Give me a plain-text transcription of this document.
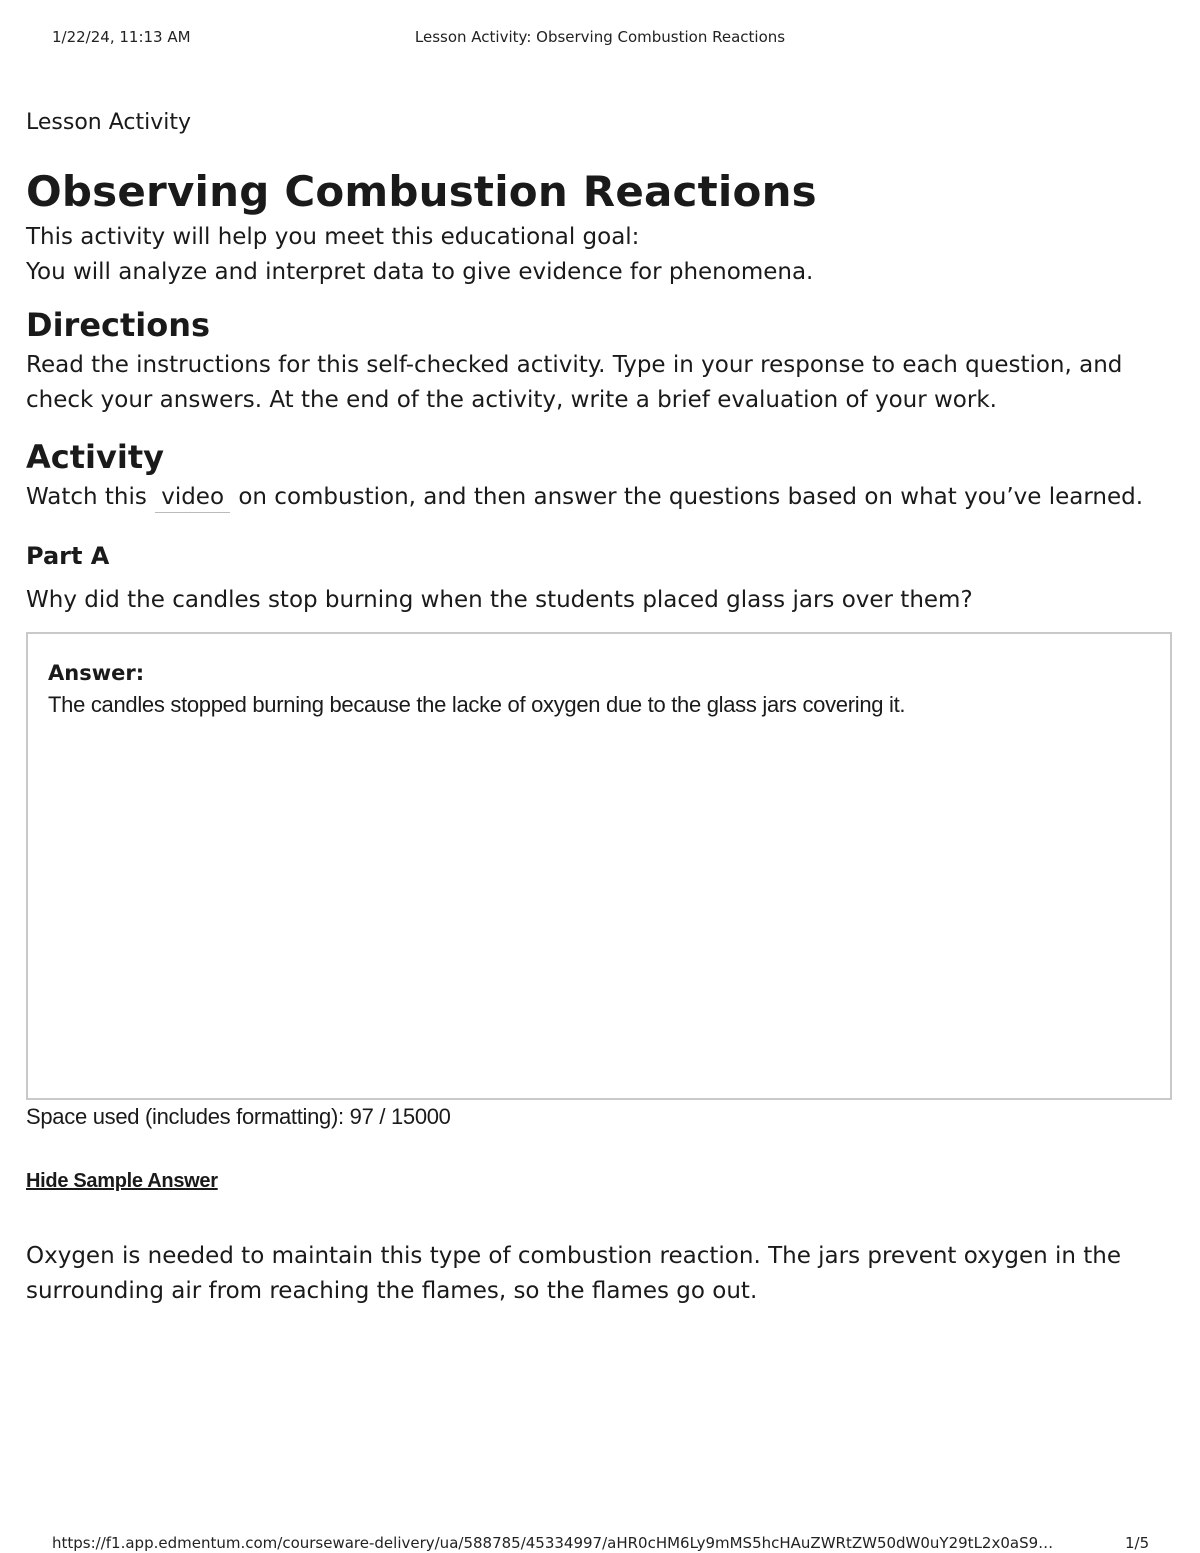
1/22/24, 11:13 AM	Lesson Activity: Observing Combustion Reactions

Lesson Activity

Observing Combustion Reactions

This activity will help you meet this educational goal:

You will analyze and interpret data to give evidence for phenomena.

Directions

Read the instructions for this self-checked activity. Type in your response to each question, and check your answers. At the end of the activity, write a brief evaluation of your work.

Activity

Watch this video on combustion, and then answer the questions based on what you’ve learned.

Part A

Why did the candles stop burning when the students placed glass jars over them?

Answer:

The candles stopped burning because the lacke of oxygen due to the glass jars covering it.

Space used (includes formatting): 97 / 15000

Hide Sample Answer

Oxygen is needed to maintain this type of combustion reaction. The jars prevent oxygen in the surrounding air from reaching the flames, so the flames go out.

https://f1.app.edmentum.com/courseware-delivery/ua/588785/45334997/aHR0cHM6Ly9mMS5hcHAuZWRtZW50dW0uY29tL2x0aS9…	1/5
